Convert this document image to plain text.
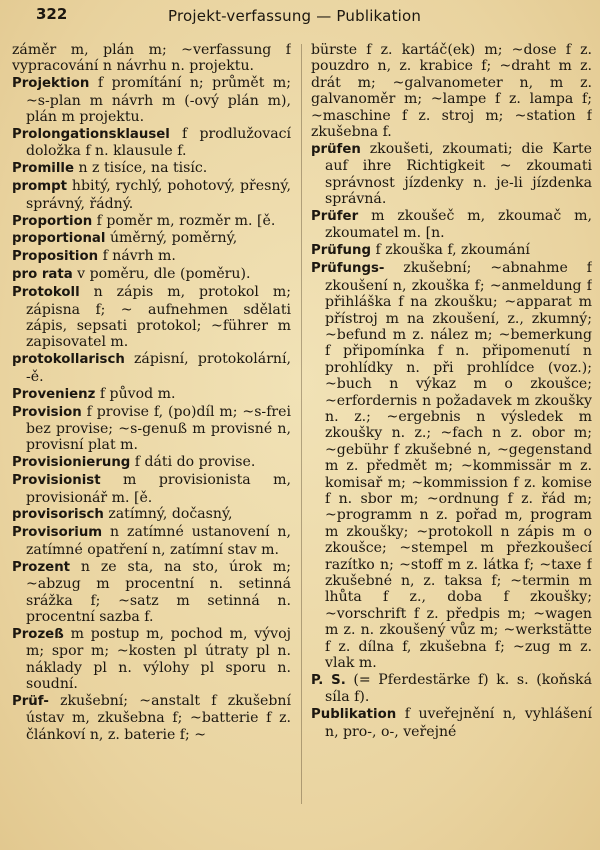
322	Projekt-verfassung — Publikation

záměr m, plán m; ~verfassung f vypracování n návrhu n. projektu.

Projektion f promítání n; průmět m; ~s-plan m návrh m (-ový plán m), plán m projektu.

Prolongationsklausel f prodlužovací doložka f n. klausule f.

Promille n z tisíce, na tisíc.

prompt hbitý, rychlý, pohotový, přesný, správný, řádný.

Proportion f poměr m, rozměr m. [ě.

proportional úměrný, poměrný,

Proposition f návrh m.

pro rata v poměru, dle (poměru).

Protokoll n zápis m, protokol m; zápisna f; ~ aufnehmen sdělati zápis, sepsati protokol; ~führer m zapisovatel m.

protokollarisch zápisní, protokolární, -ě.

Provenienz f původ m.

Provision f provise f, (po)díl m; ~s-frei bez provise; ~s-genuß m provisné n, provisní plat m.

Provisionierung f dáti do provise.

Provisionist m provisionista m, provisionář m. [ě.

provisorisch zatímný, dočasný,

Provisorium n zatímné ustanovení n, zatímné opatření n, zatímní stav m.

Prozent n ze sta, na sto, úrok m; ~abzug m procentní n. setinná srážka f; ~satz m setinná n. procentní sazba f.

Prozeß m postup m, pochod m, vývoj m; spor m; ~kosten pl útraty pl n. náklady pl n. výlohy pl sporu n. soudní.

Prüf- zkušební; ~anstalt f zkušební ústav m, zkušebna f; ~batterie f z. článkoví n, z. baterie f; ~

bürste f z. kartáč(ek) m; ~dose f z. pouzdro n, z. krabice f; ~draht m z. drát m; ~galvanometer n, m z. galvanoměr m; ~lampe f z. lampa f; ~maschine f z. stroj m; ~station f zkušebna f.

prüfen zkoušeti, zkoumati; die Karte auf ihre Richtigkeit ~ zkoumati správnost jízdenky n. je-li jízdenka správná.

Prüfer m zkoušeč m, zkoumač m, zkoumatel m. [n.

Prüfung f zkouška f, zkoumání

Prüfungs- zkušební; ~abnahme f zkoušení n, zkouška f; ~anmeldung f přihláška f na zkoušku; ~apparat m přístroj m na zkoušení, z., zkumný; ~befund m z. nález m; ~bemerkung f připomínka f n. připomenutí n prohlídky n. při prohlídce (voz.); ~buch n výkaz m o zkoušce; ~erfordernis n požadavek m zkoušky n. z.; ~ergebnis n výsledek m zkoušky n. z.; ~fach n z. obor m; ~gebühr f zkušebné n, ~gegenstand m z. předmět m; ~kommissär m z. komisař m; ~kommission f z. komise f n. sbor m; ~ordnung f z. řád m; ~programm n z. pořad m, program m zkoušky; ~protokoll n zápis m o zkoušce; ~stempel m přezkoušecí razítko n; ~stoff m z. látka f; ~taxe f zkušebné n, z. taksa f; ~termin m lhůta f z., doba f zkoušky; ~vorschrift f z. předpis m; ~wagen m z. n. zkoušený vůz m; ~werkstätte f z. dílna f, zkušebna f; ~zug m z. vlak m.

P. S. (= Pferdestärke f) k. s. (koňská síla f).

Publikation f uveřejnění n, vyhlášení n, pro-, o-, veřejné
